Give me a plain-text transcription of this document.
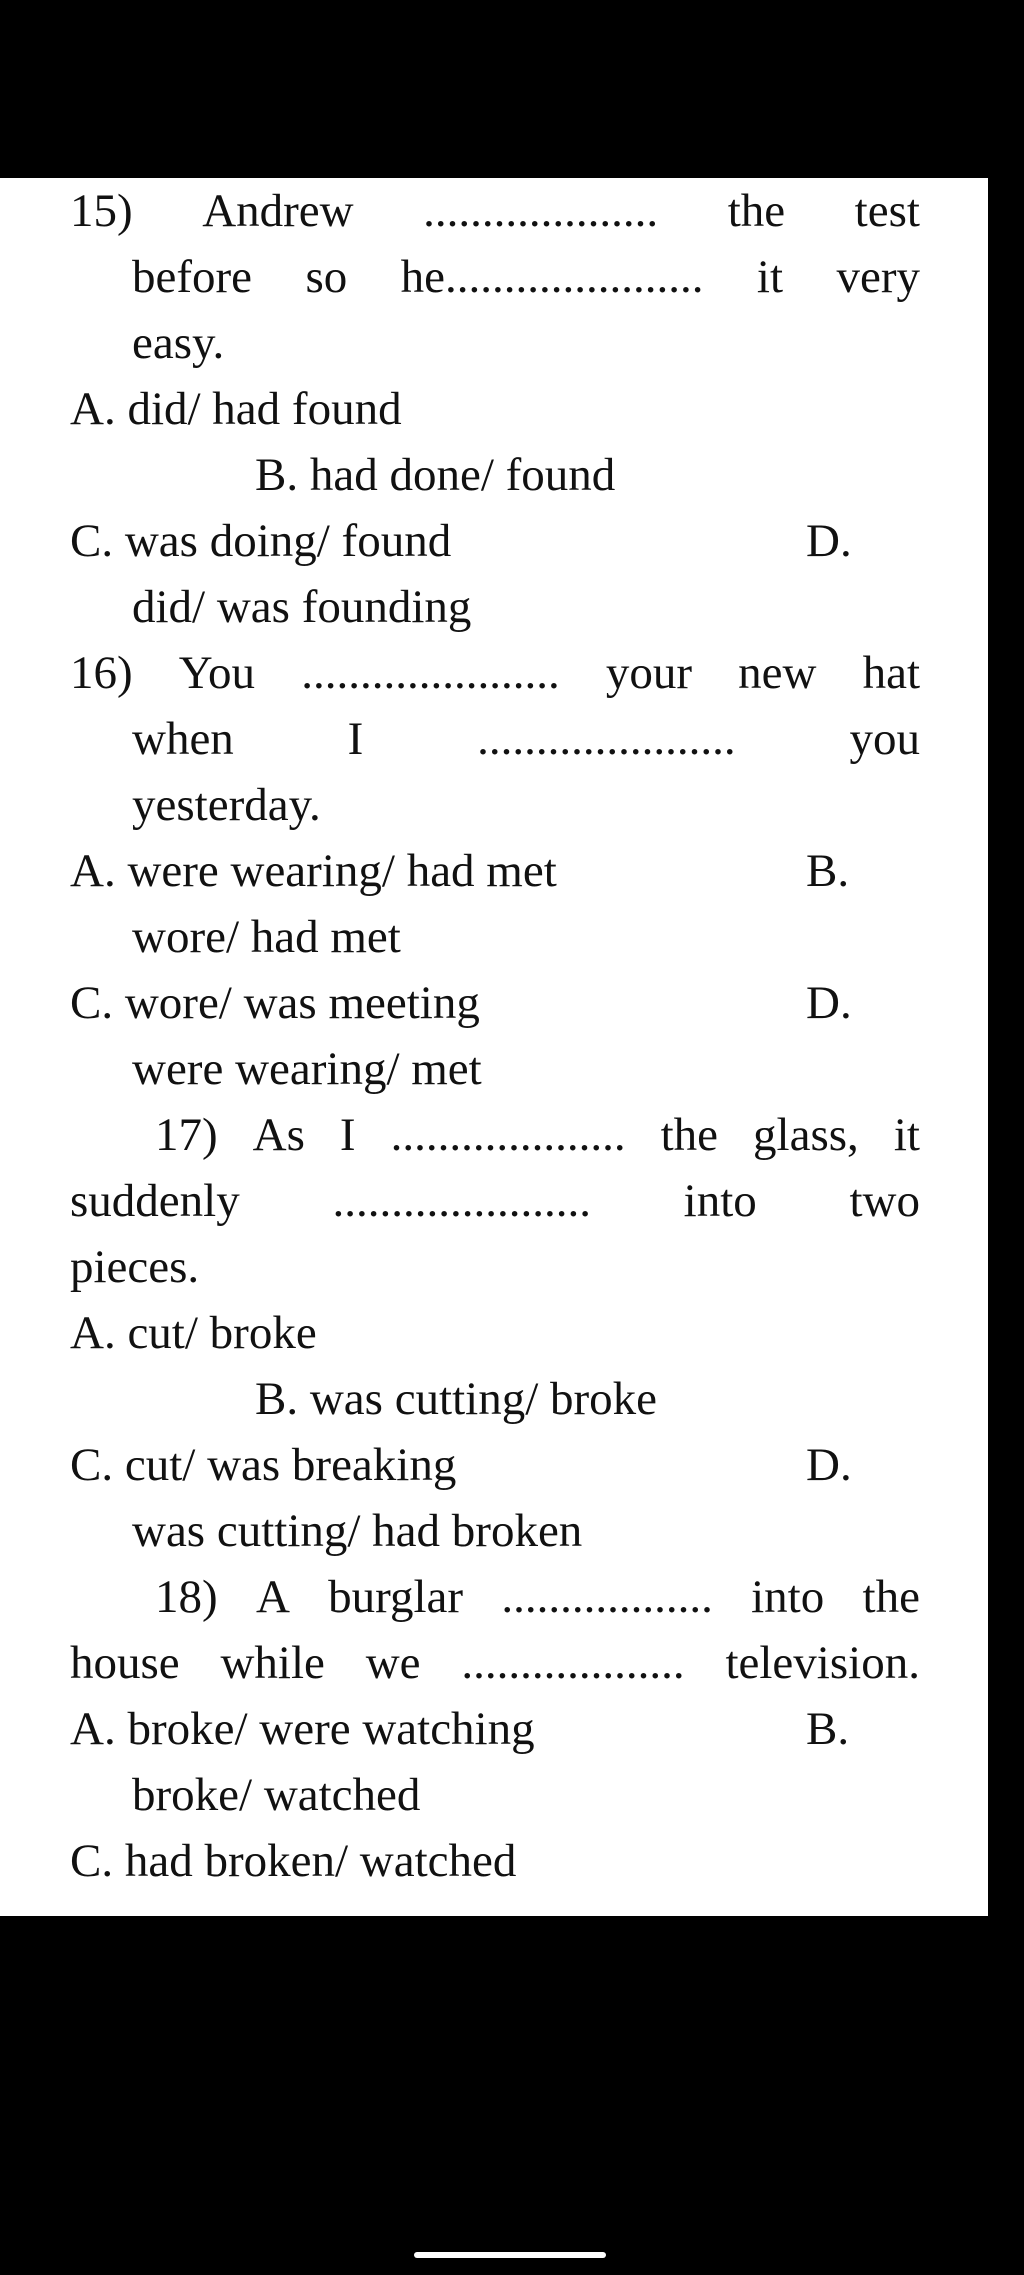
15) Andrew .................... the test
before so he...................... it very
easy.
A. did/ had found
B. had done/ found
C. was doing/ found	D.
did/ was founding
16) You ...................... your new hat
when I ...................... you
yesterday.
A. were wearing/ had met	B.
wore/ had met
C. wore/ was meeting	D.
were wearing/ met
17) As I .................... the glass, it
suddenly ...................... into two
pieces.
A. cut/ broke
B. was cutting/ broke
C. cut/ was breaking	D.
was cutting/ had broken
18) A burglar .................. into the
house while we ................... television.
A. broke/ were watching	B.
broke/ watched
C. had broken/ watched
